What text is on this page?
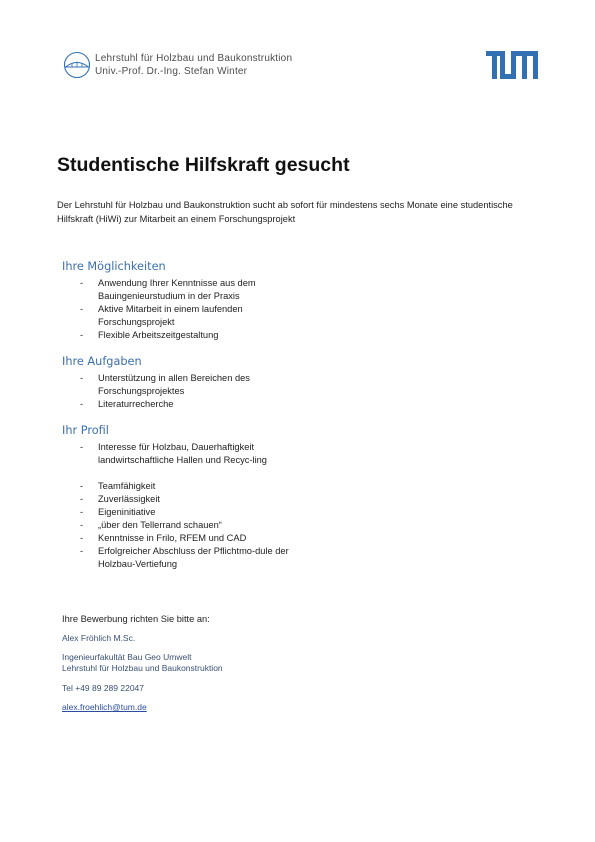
Lehrstuhl für Holzbau und Baukonstruktion
Univ.-Prof. Dr.-Ing. Stefan Winter
Studentische Hilfskraft gesucht
Der Lehrstuhl für Holzbau und Baukonstruktion sucht ab sofort für mindestens sechs Monate eine studentische Hilfskraft (HiWi) zur Mitarbeit an einem Forschungsprojekt
Ihre Möglichkeiten
- Anwendung Ihrer Kenntnisse aus dem Bauingenieurstudium in der Praxis
- Aktive Mitarbeit in einem laufenden Forschungsprojekt
- Flexible Arbeitszeitgestaltung
Ihre Aufgaben
- Unterstützung in allen Bereichen des Forschungsprojektes
- Literaturrecherche
Ihr Profil
- Interesse für Holzbau, Dauerhaftigkeit landwirtschaftliche Hallen und Recyc-ling
- Teamfähigkeit
- Zuverlässigkeit
- Eigeninitiative
- „über den Tellerrand schauen“
- Kenntnisse in Frilo, RFEM und CAD
- Erfolgreicher Abschluss der Pflichtmo-dule der Holzbau-Vertiefung
Ihre Bewerbung richten Sie bitte an:
Alex Fröhlich M.Sc.
Ingenieurfakultät Bau Geo Umwelt
Lehrstuhl für Holzbau und Baukonstruktion
Tel +49 89 289 22047
alex.froehlich@tum.de
